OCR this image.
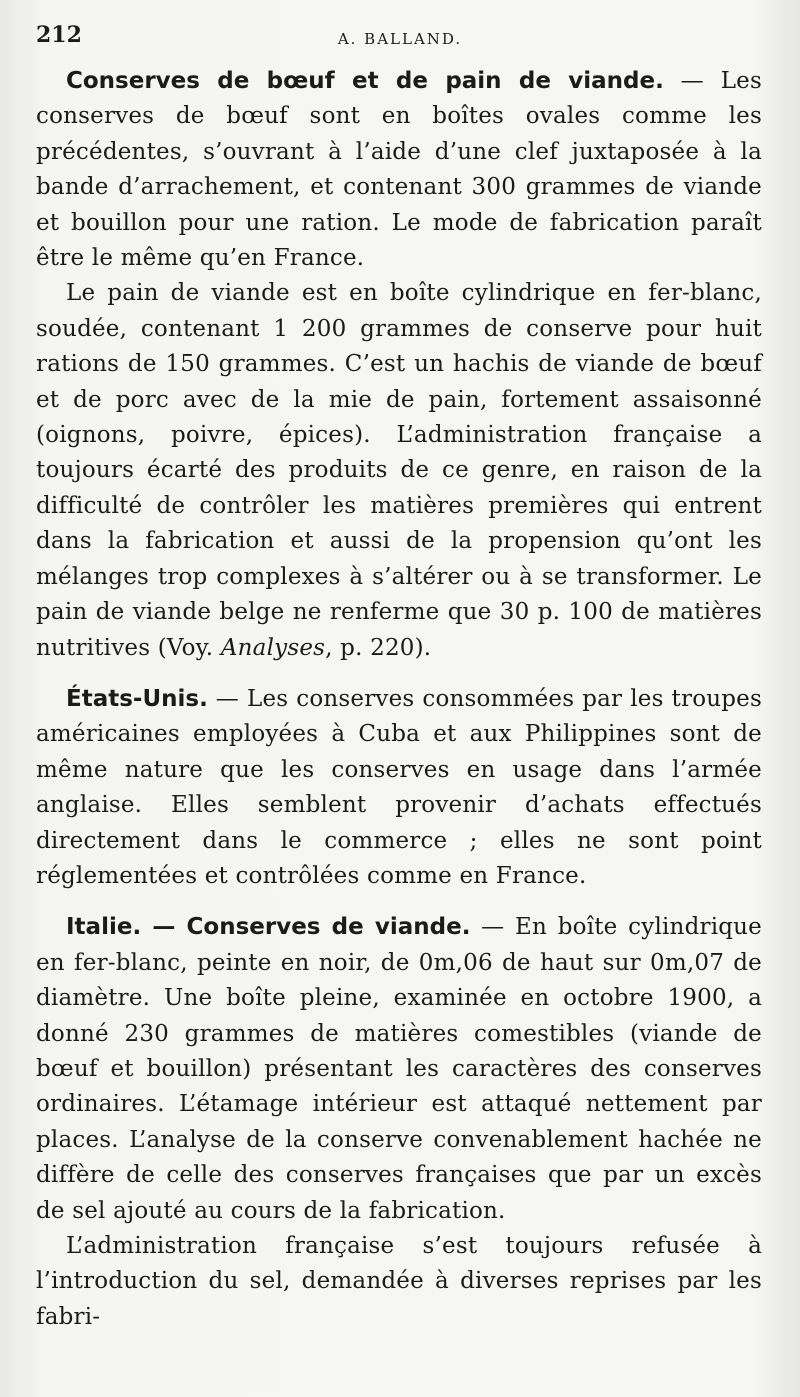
212	A. BALLAND.

Conserves de bœuf et de pain de viande. — Les conserves de bœuf sont en boîtes ovales comme les précédentes, s’ouvrant à l’aide d’une clef juxtaposée à la bande d’arrachement, et contenant 300 grammes de viande et bouillon pour une ration. Le mode de fabrication paraît être le même qu’en France.

Le pain de viande est en boîte cylindrique en fer-blanc, soudée, contenant 1 200 grammes de conserve pour huit rations de 150 grammes. C’est un hachis de viande de bœuf et de porc avec de la mie de pain, fortement assaisonné (oignons, poivre, épices). L’administration française a toujours écarté des produits de ce genre, en raison de la difficulté de contrôler les matières premières qui entrent dans la fabrication et aussi de la propension qu’ont les mélanges trop complexes à s’altérer ou à se transformer. Le pain de viande belge ne renferme que 30 p. 100 de matières nutritives (Voy. Analyses, p. 220).

États-Unis. — Les conserves consommées par les troupes américaines employées à Cuba et aux Philippines sont de même nature que les conserves en usage dans l’armée anglaise. Elles semblent provenir d’achats effectués directement dans le commerce ; elles ne sont point réglementées et contrôlées comme en France.

Italie. — Conserves de viande. — En boîte cylindrique en fer-blanc, peinte en noir, de 0m,06 de haut sur 0m,07 de diamètre. Une boîte pleine, examinée en octobre 1900, a donné 230 grammes de matières comestibles (viande de bœuf et bouillon) présentant les caractères des conserves ordinaires. L’étamage intérieur est attaqué nettement par places. L’analyse de la conserve convenablement hachée ne diffère de celle des conserves françaises que par un excès de sel ajouté au cours de la fabrication.

L’administration française s’est toujours refusée à l’introduction du sel, demandée à diverses reprises par les fabri-
